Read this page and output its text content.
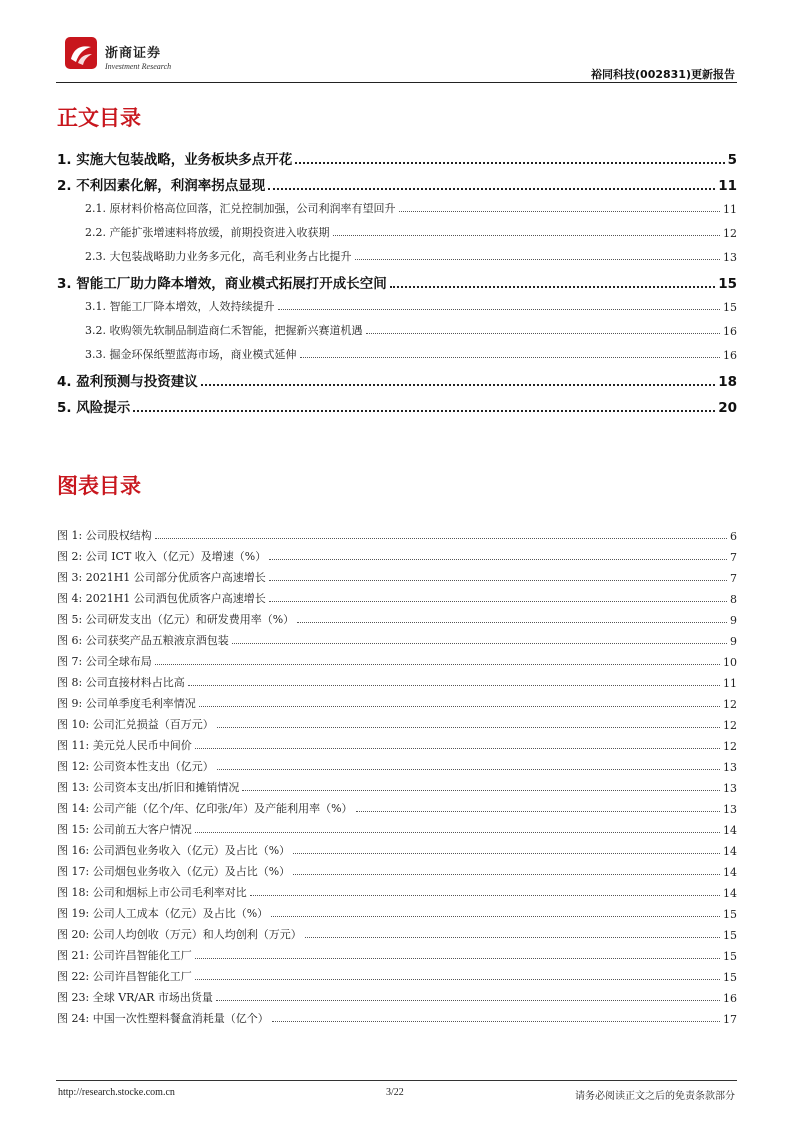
浙商证券
Investment Research
裕同科技(002831)更新报告
正文目录
1. 实施大包装战略，业务板块多点开花	5
2. 不利因素化解，利润率拐点显现	11
2.1. 原材料价格高位回落，汇兑控制加强，公司利润率有望回升	11
2.2. 产能扩张增速料将放缓，前期投资进入收获期	12
2.3. 大包装战略助力业务多元化，高毛利业务占比提升	13
3. 智能工厂助力降本增效，商业模式拓展打开成长空间	15
3.1. 智能工厂降本增效，人效持续提升	15
3.2. 收购领先软制品制造商仁禾智能，把握新兴赛道机遇	16
3.3. 掘金环保纸塑蓝海市场，商业模式延伸	16
4. 盈利预测与投资建议	18
5. 风险提示	20
图表目录
图 1: 公司股权结构	6
图 2: 公司 ICT 收入（亿元）及增速（%）	7
图 3: 2021H1 公司部分优质客户高速增长	7
图 4: 2021H1 公司酒包优质客户高速增长	8
图 5: 公司研发支出（亿元）和研发费用率（%）	9
图 6: 公司获奖产品五粮液京酒包装	9
图 7: 公司全球布局	10
图 8: 公司直接材料占比高	11
图 9: 公司单季度毛利率情况	12
图 10: 公司汇兑损益（百万元）	12
图 11: 美元兑人民币中间价	12
图 12: 公司资本性支出（亿元）	13
图 13: 公司资本支出/折旧和摊销情况	13
图 14: 公司产能（亿个/年、亿印张/年）及产能利用率（%）	13
图 15: 公司前五大客户情况	14
图 16: 公司酒包业务收入（亿元）及占比（%）	14
图 17: 公司烟包业务收入（亿元）及占比（%）	14
图 18: 公司和烟标上市公司毛利率对比	14
图 19: 公司人工成本（亿元）及占比（%）	15
图 20: 公司人均创收（万元）和人均创利（万元）	15
图 21: 公司许昌智能化工厂	15
图 22: 公司许昌智能化工厂	15
图 23: 全球 VR/AR 市场出货量	16
图 24: 中国一次性塑料餐盒消耗量（亿个）	17
http://research.stocke.com.cn	3/22	请务必阅读正文之后的免责条款部分
